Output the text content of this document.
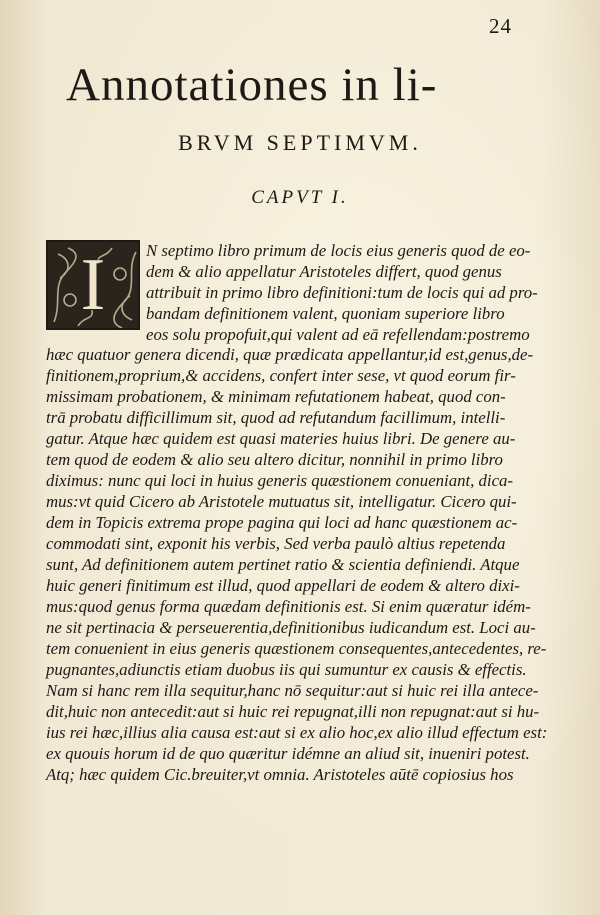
24
Annotationes in li-
BRVM SEPTIMVM.
CAPVT I.
I N septimo libro primum de locis eius generis quod de eo-
dem & alio appellatur Aristoteles differt, quod genus
attribuit in primo libro definitioni:tum de locis qui ad pro-
bandam definitionem valent, quoniam superiore libro
eos solu propofuit,qui valent ad eā refellendam:postremo
hæc quatuor genera dicendi, quæ prædicata appellantur,id est,genus,de-
finitionem,proprium,& accidens, confert inter sese, vt quod eorum fir-
missimam probationem, & minimam refutationem habeat, quod con-
trā probatu difficillimum sit, quod ad refutandum facillimum, intelli-
gatur. Atque hæc quidem est quasi materies huius libri. De genere au-
tem quod de eodem & alio seu altero dicitur, nonnihil in primo libro
diximus: nunc qui loci in huius generis quæstionem conueniant, dica-
mus:vt quid Cicero ab Aristotele mutuatus sit, intelligatur. Cicero qui-
dem in Topicis extrema prope pagina qui loci ad hanc quæstionem ac-
commodati sint, exponit his verbis, Sed verba paulò altius repetenda
sunt, Ad definitionem autem pertinet ratio & scientia definiendi. Atque
huic generi finitimum est illud, quod appellari de eodem & altero dixi-
mus:quod genus forma quædam definitionis est. Si enim quæratur idém-
ne sit pertinacia & perseuerentia,definitionibus iudicandum est. Loci au-
tem conuenient in eius generis quæstionem consequentes,antecedentes, re-
pugnantes,adiunctis etiam duobus iis qui sumuntur ex causis & effectis.
Nam si hanc rem illa sequitur,hanc nō sequitur:aut si huic rei illa antece-
dit,huic non antecedit:aut si huic rei repugnat,illi non repugnat:aut si hu-
ius rei hæc,illius alia causa est:aut si ex alio hoc,ex alio illud effectum est:
ex quouis horum id de quo quæritur idémne an aliud sit, inueniri potest.
Atq; hæc quidem Cic.breuiter,vt omnia. Aristoteles aūtē copiosius hos
